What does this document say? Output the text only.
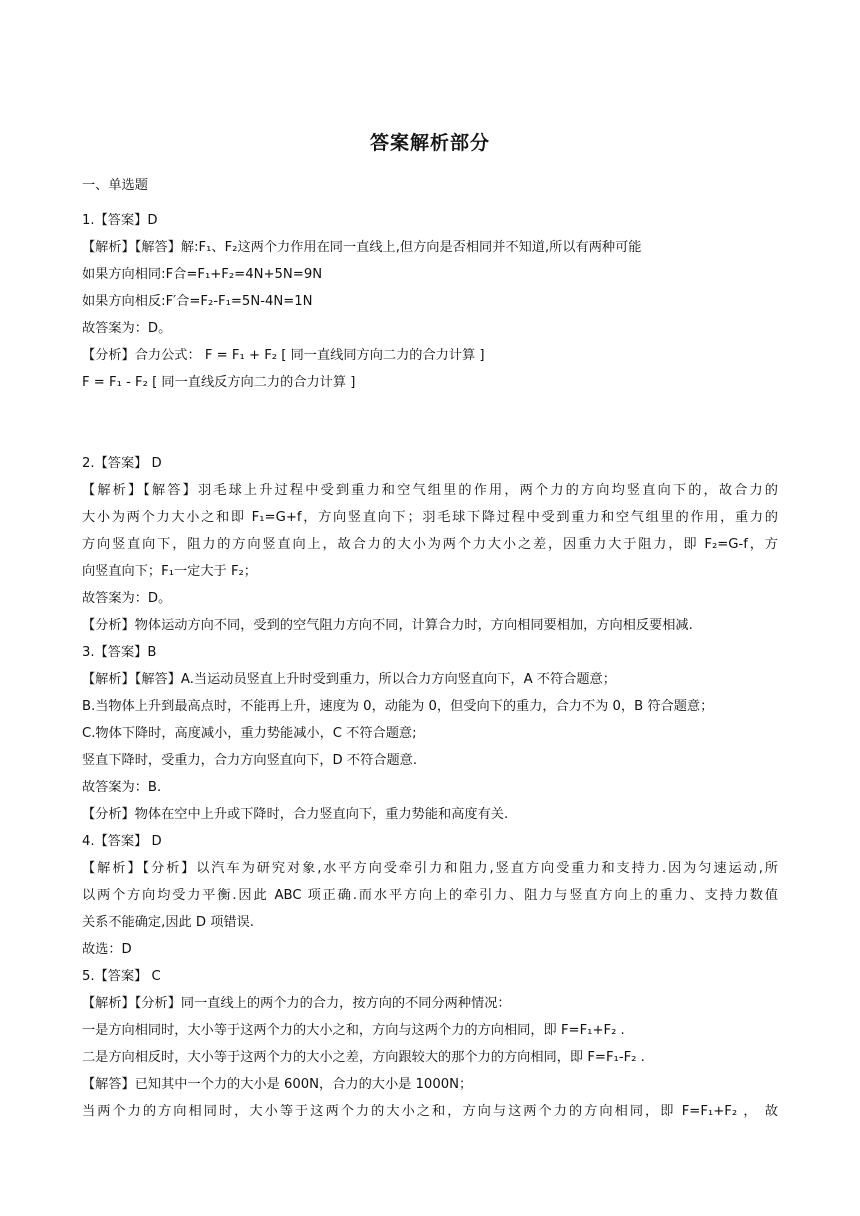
答案解析部分
一、单选题
1.【答案】D
【解析】【解答】解:F₁、F₂这两个力作用在同一直线上,但方向是否相同并不知道,所以有两种可能
如果方向相同:F合=F₁+F₂=4N+5N=9N
如果方向相反:F′合=F₂-F₁=5N-4N=1N
故答案为：D。
【分析】合力公式： F = F₁ + F₂ [ 同一直线同方向二力的合力计算 ]
F = F₁ - F₂ [ 同一直线反方向二力的合力计算 ]
2.【答案】 D
【解析】【解答】羽毛球上升过程中受到重力和空气组里的作用，两个力的方向均竖直向下的，故合力的
大小为两个力大小之和即 F₁=G+f，方向竖直向下；羽毛球下降过程中受到重力和空气组里的作用，重力的
方向竖直向下，阻力的方向竖直向上，故合力的大小为两个力大小之差，因重力大于阻力，即 F₂=G-f，方
向竖直向下；F₁一定大于 F₂；
故答案为：D。
【分析】物体运动方向不同，受到的空气阻力方向不同，计算合力时，方向相同要相加，方向相反要相减.
3.【答案】B
【解析】【解答】A.当运动员竖直上升时受到重力，所以合力方向竖直向下，A 不符合题意；
B.当物体上升到最高点时，不能再上升，速度为 0，动能为 0，但受向下的重力，合力不为 0，B 符合题意；
C.物体下降时，高度减小，重力势能减小，C 不符合题意;
竖直下降时，受重力，合力方向竖直向下，D 不符合题意.
故答案为：B.
【分析】物体在空中上升或下降时，合力竖直向下，重力势能和高度有关.
4.【答案】 D
【解析】【分析】以汽车为研究对象,水平方向受牵引力和阻力,竖直方向受重力和支持力.因为匀速运动,所
以两个方向均受力平衡.因此 ABC 项正确.而水平方向上的牵引力、阻力与竖直方向上的重力、支持力数值
关系不能确定,因此 D 项错误.
故选：D
5.【答案】 C
【解析】【分析】同一直线上的两个力的合力，按方向的不同分两种情况：
一是方向相同时，大小等于这两个力的大小之和，方向与这两个力的方向相同，即 F=F₁+F₂ .
二是方向相反时，大小等于这两个力的大小之差，方向跟较大的那个力的方向相同，即 F=F₁-F₂ .
【解答】已知其中一个力的大小是 600N，合力的大小是 1000N；
当两个力的方向相同时，大小等于这两个力的大小之和，方向与这两个力的方向相同，即 F=F₁+F₂ ， 故
